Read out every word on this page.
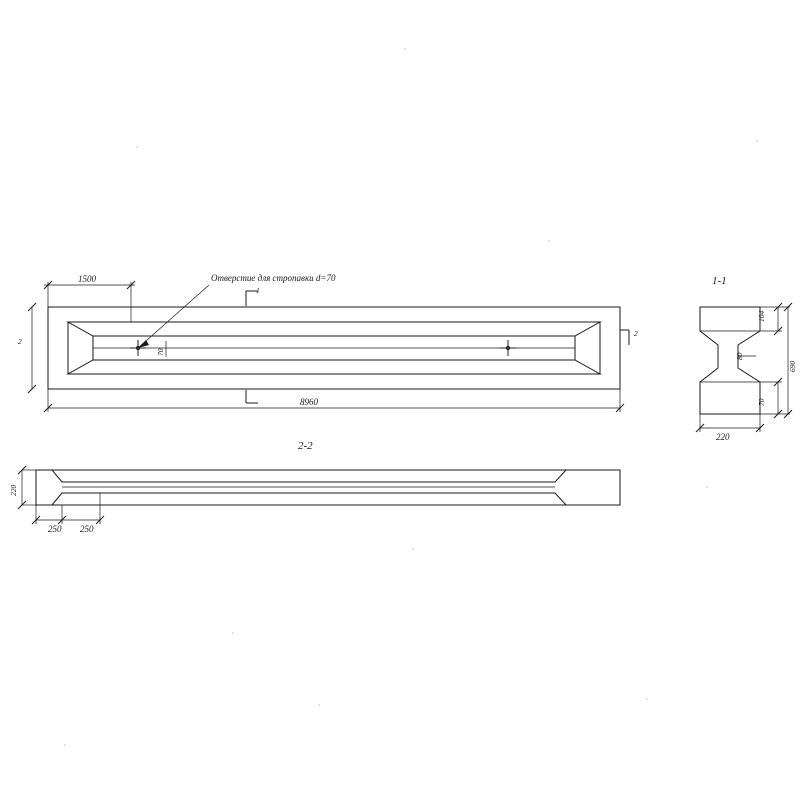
Отверстие для стропавки d=70
1500
8960
2
1
2
70
1-1
104
80
70
690
220
2-2
220
250 250
